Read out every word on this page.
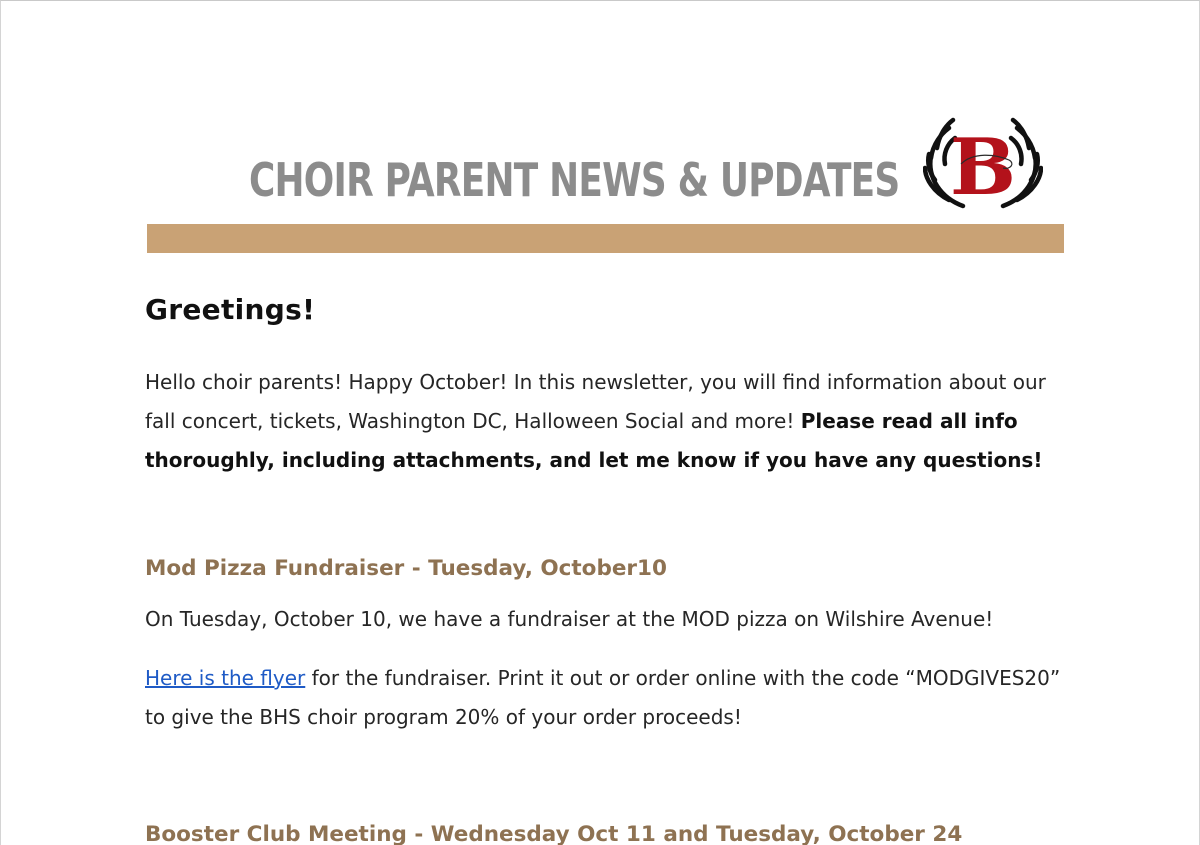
CHOIR PARENT NEWS & UPDATES B
Greetings!

Hello choir parents! Happy October! In this newsletter, you will find information about our fall concert, tickets, Washington DC, Halloween Social and more! Please read all info thoroughly, including attachments, and let me know if you have any questions!

Mod Pizza Fundraiser - Tuesday, October10

On Tuesday, October 10, we have a fundraiser at the MOD pizza on Wilshire Avenue!

Here is the flyer for the fundraiser. Print it out or order online with the code “MODGIVES20” to give the BHS choir program 20% of your order proceeds!

Booster Club Meeting - Wednesday Oct 11 and Tuesday, October 24
